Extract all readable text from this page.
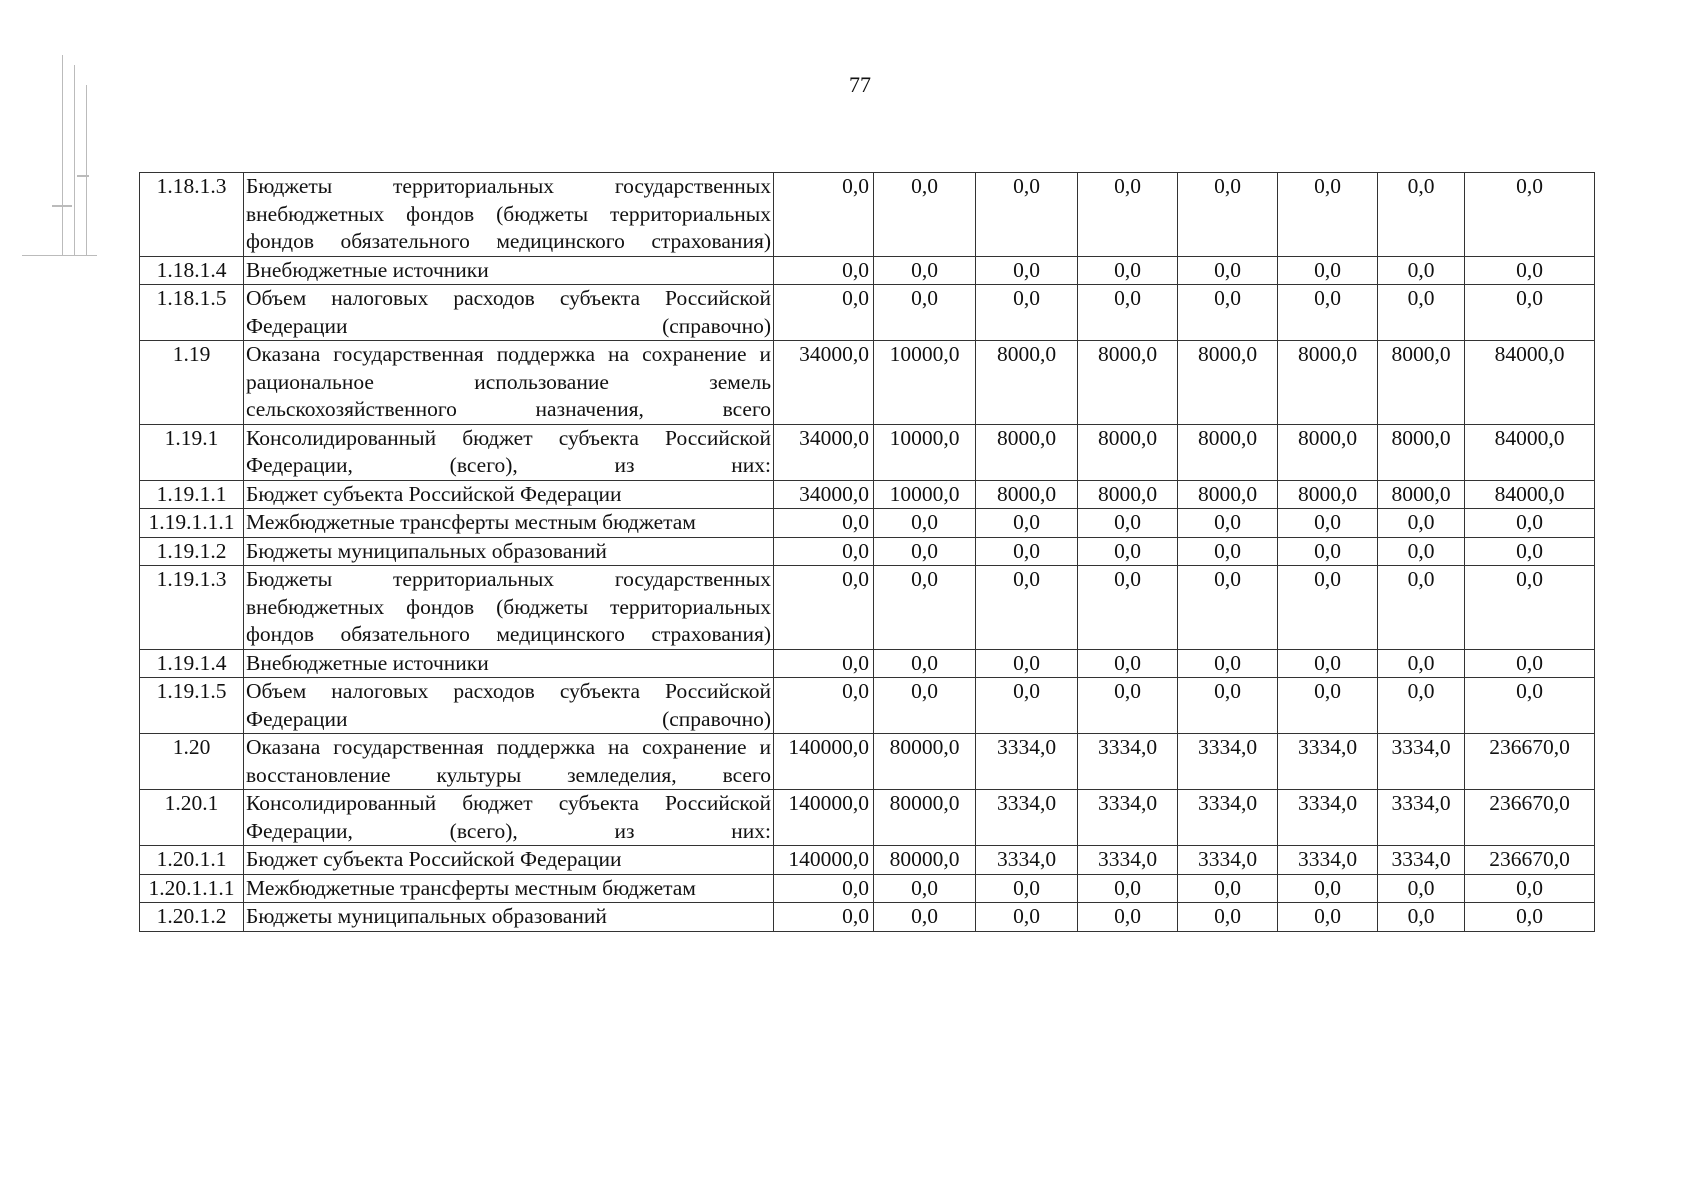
77
1.18.1.3	Бюджеты территориальных государственных внебюджетных фондов (бюджеты территориальных фондов обязательного медицинского страхования)	0,0	0,0	0,0	0,0	0,0	0,0	0,0	0,0
1.18.1.4	Внебюджетные источники	0,0	0,0	0,0	0,0	0,0	0,0	0,0	0,0
1.18.1.5	Объем налоговых расходов субъекта Российской Федерации (справочно)	0,0	0,0	0,0	0,0	0,0	0,0	0,0	0,0
1.19	Оказана государственная поддержка на сохранение и рациональное использование земель сельскохозяйственного назначения, всего	34000,0	10000,0	8000,0	8000,0	8000,0	8000,0	8000,0	84000,0
1.19.1	Консолидированный бюджет субъекта Российской Федерации, (всего), из них:	34000,0	10000,0	8000,0	8000,0	8000,0	8000,0	8000,0	84000,0
1.19.1.1	Бюджет субъекта Российской Федерации	34000,0	10000,0	8000,0	8000,0	8000,0	8000,0	8000,0	84000,0
1.19.1.1.1	Межбюджетные трансферты местным бюджетам	0,0	0,0	0,0	0,0	0,0	0,0	0,0	0,0
1.19.1.2	Бюджеты муниципальных образований	0,0	0,0	0,0	0,0	0,0	0,0	0,0	0,0
1.19.1.3	Бюджеты территориальных государственных внебюджетных фондов (бюджеты территориальных фондов обязательного медицинского страхования)	0,0	0,0	0,0	0,0	0,0	0,0	0,0	0,0
1.19.1.4	Внебюджетные источники	0,0	0,0	0,0	0,0	0,0	0,0	0,0	0,0
1.19.1.5	Объем налоговых расходов субъекта Российской Федерации (справочно)	0,0	0,0	0,0	0,0	0,0	0,0	0,0	0,0
1.20	Оказана государственная поддержка на сохранение и восстановление культуры земледелия, всего	140000,0	80000,0	3334,0	3334,0	3334,0	3334,0	3334,0	236670,0
1.20.1	Консолидированный бюджет субъекта Российской Федерации, (всего), из них:	140000,0	80000,0	3334,0	3334,0	3334,0	3334,0	3334,0	236670,0
1.20.1.1	Бюджет субъекта Российской Федерации	140000,0	80000,0	3334,0	3334,0	3334,0	3334,0	3334,0	236670,0
1.20.1.1.1	Межбюджетные трансферты местным бюджетам	0,0	0,0	0,0	0,0	0,0	0,0	0,0	0,0
1.20.1.2	Бюджеты муниципальных образований	0,0	0,0	0,0	0,0	0,0	0,0	0,0	0,0
